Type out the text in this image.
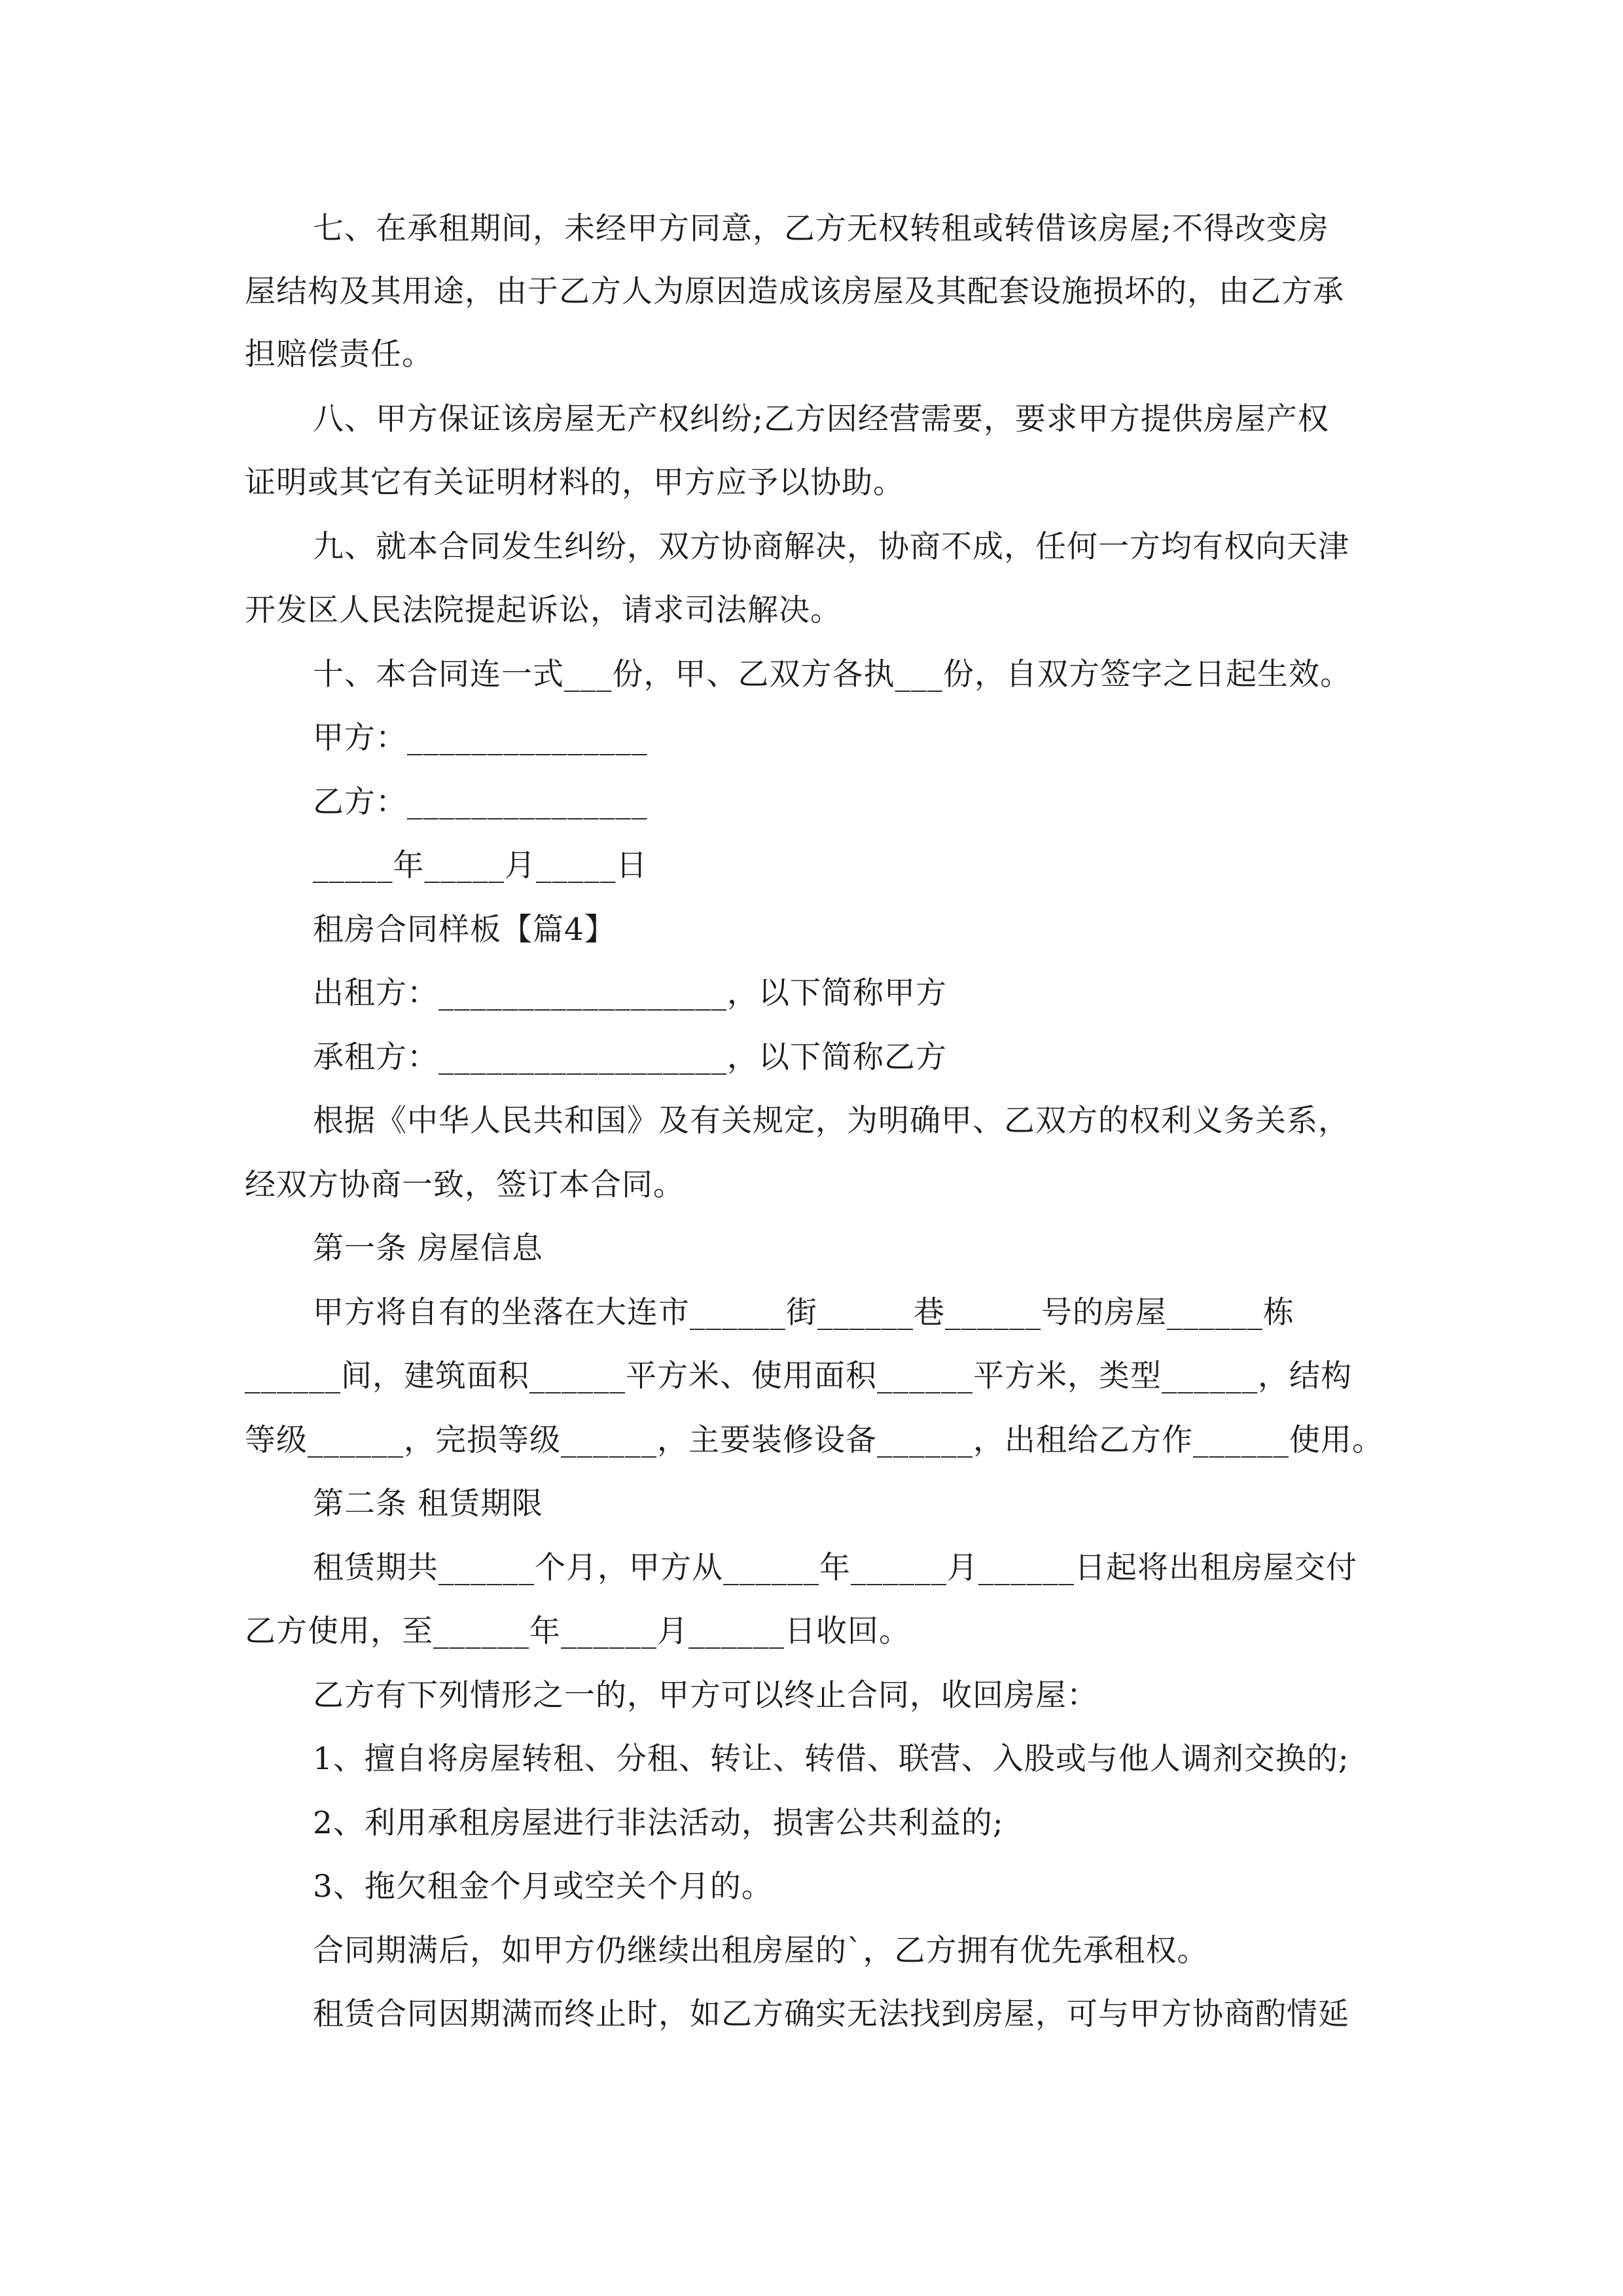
七、在承租期间，未经甲方同意，乙方无权转租或转借该房屋;不得改变房
屋结构及其用途，由于乙方人为原因造成该房屋及其配套设施损坏的，由乙方承
担赔偿责任。
八、甲方保证该房屋无产权纠纷;乙方因经营需要，要求甲方提供房屋产权
证明或其它有关证明材料的，甲方应予以协助。
九、就本合同发生纠纷，双方协商解决，协商不成，任何一方均有权向天津
开发区人民法院提起诉讼，请求司法解决。
十、本合同连一式___份，甲、乙双方各执___份，自双方签字之日起生效。
甲方：_______________
乙方：_______________
_____年_____月_____日
租房合同样板【篇4】
出租方：__________________，以下简称甲方
承租方：__________________，以下简称乙方
根据《中华人民共和国》及有关规定，为明确甲、乙双方的权利义务关系，
经双方协商一致，签订本合同。
第一条 房屋信息
甲方将自有的坐落在大连市______街______巷______号的房屋______栋
______间，建筑面积______平方米、使用面积______平方米，类型______，结构
等级______，完损等级______，主要装修设备______，出租给乙方作______使用。
第二条 租赁期限
租赁期共______个月，甲方从______年______月______日起将出租房屋交付
乙方使用，至______年______月______日收回。
乙方有下列情形之一的，甲方可以终止合同，收回房屋：
1、擅自将房屋转租、分租、转让、转借、联营、入股或与他人调剂交换的;
2、利用承租房屋进行非法活动，损害公共利益的;
3、拖欠租金个月或空关个月的。
合同期满后，如甲方仍继续出租房屋的`，乙方拥有优先承租权。
租赁合同因期满而终止时，如乙方确实无法找到房屋，可与甲方协商酌情延
